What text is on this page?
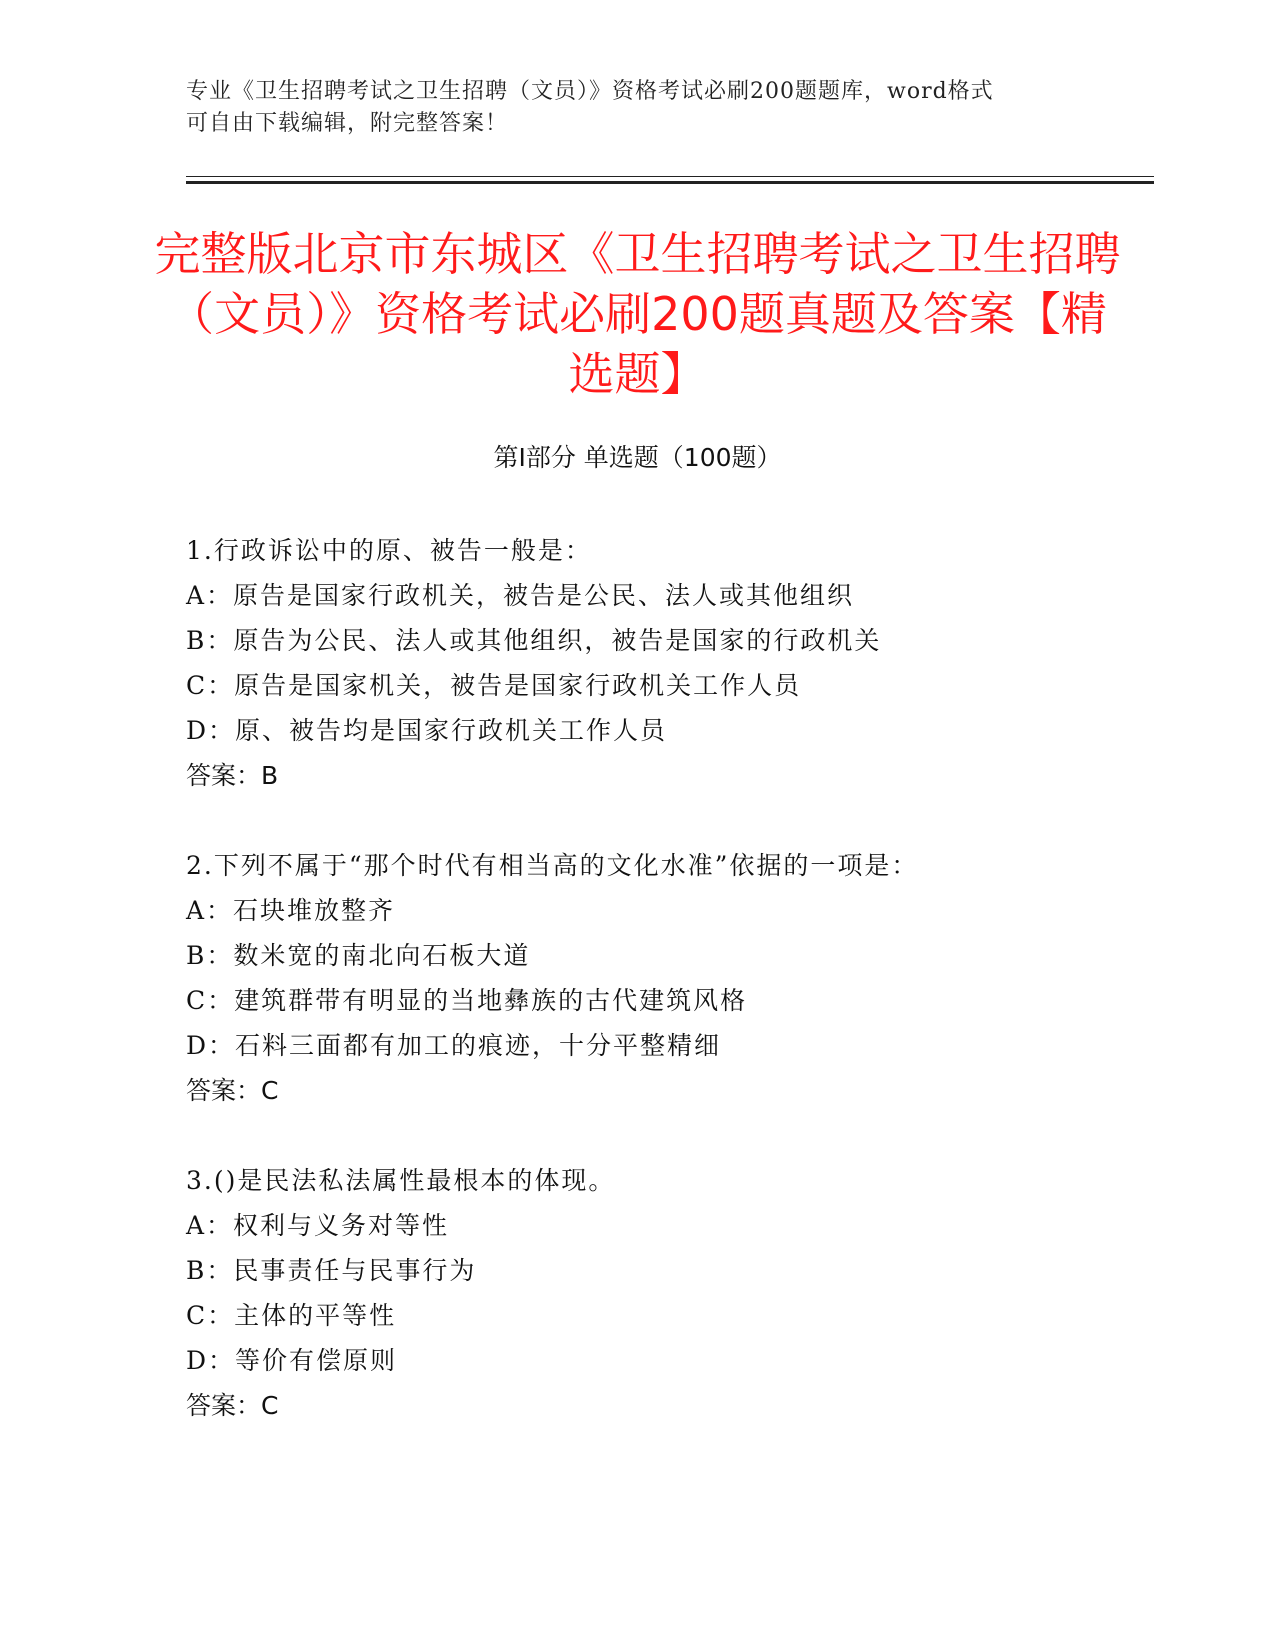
专业《卫生招聘考试之卫生招聘（文员）》资格考试必刷200题题库，word格式
可自由下载编辑，附完整答案！
完整版北京市东城区《卫生招聘考试之卫生招聘（文员）》资格考试必刷200题真题及答案【精选题】
第Ⅰ部分 单选题（100题）
1.行政诉讼中的原、被告一般是：
A：原告是国家行政机关，被告是公民、法人或其他组织
B：原告为公民、法人或其他组织，被告是国家的行政机关
C：原告是国家机关，被告是国家行政机关工作人员
D：原、被告均是国家行政机关工作人员
答案：B
2.下列不属于“那个时代有相当高的文化水准”依据的一项是：
A：石块堆放整齐
B：数米宽的南北向石板大道
C：建筑群带有明显的当地彝族的古代建筑风格
D：石料三面都有加工的痕迹，十分平整精细
答案：C
3.()是民法私法属性最根本的体现。
A：权利与义务对等性
B：民事责任与民事行为
C：主体的平等性
D：等价有偿原则
答案：C
